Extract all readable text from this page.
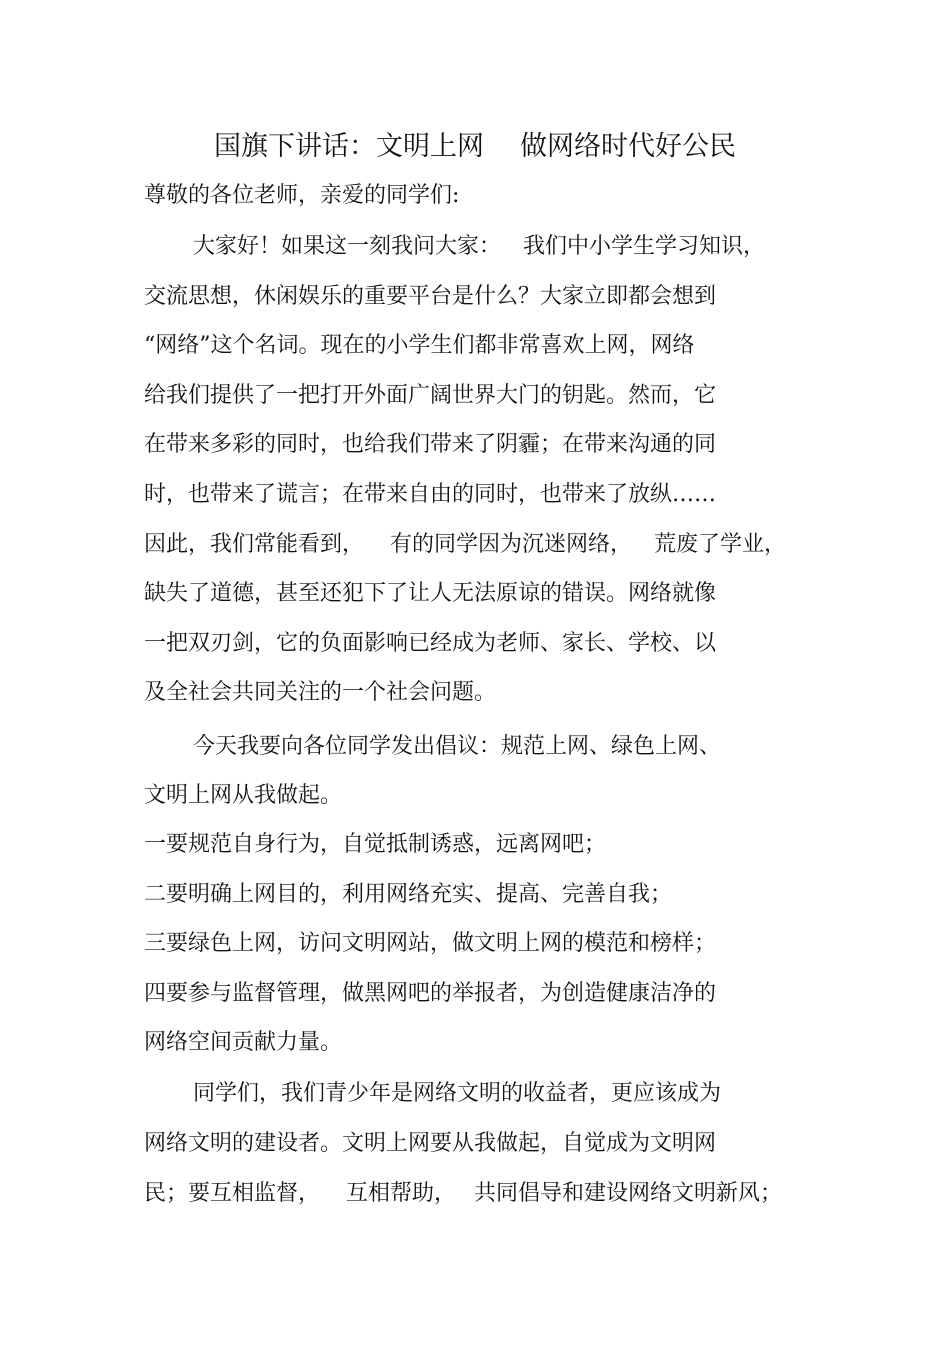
国旗下讲话：文明上网 做网络时代好公民
尊敬的各位老师，亲爱的同学们:
大家好！如果这一刻我问大家： 我们中小学生学习知识，
交流思想，休闲娱乐的重要平台是什么？大家立即都会想到
“网络”这个名词。现在的小学生们都非常喜欢上网，网络
给我们提供了一把打开外面广阔世界大门的钥匙。然而，它
在带来多彩的同时，也给我们带来了阴霾；在带来沟通的同
时，也带来了谎言；在带来自由的同时，也带来了放纵……
因此，我们常能看到， 有的同学因为沉迷网络， 荒废了学业，
缺失了道德，甚至还犯下了让人无法原谅的错误。网络就像
一把双刃剑，它的负面影响已经成为老师、家长、学校、以
及全社会共同关注的一个社会问题。
今天我要向各位同学发出倡议：规范上网、绿色上网、
文明上网从我做起。
一要规范自身行为，自觉抵制诱惑，远离网吧；
二要明确上网目的，利用网络充实、提高、完善自我；
三要绿色上网，访问文明网站，做文明上网的模范和榜样；
四要参与监督管理，做黑网吧的举报者，为创造健康洁净的
网络空间贡献力量。
同学们，我们青少年是网络文明的收益者，更应该成为
网络文明的建设者。文明上网要从我做起，自觉成为文明网
民；要互相监督， 互相帮助， 共同倡导和建设网络文明新风；
